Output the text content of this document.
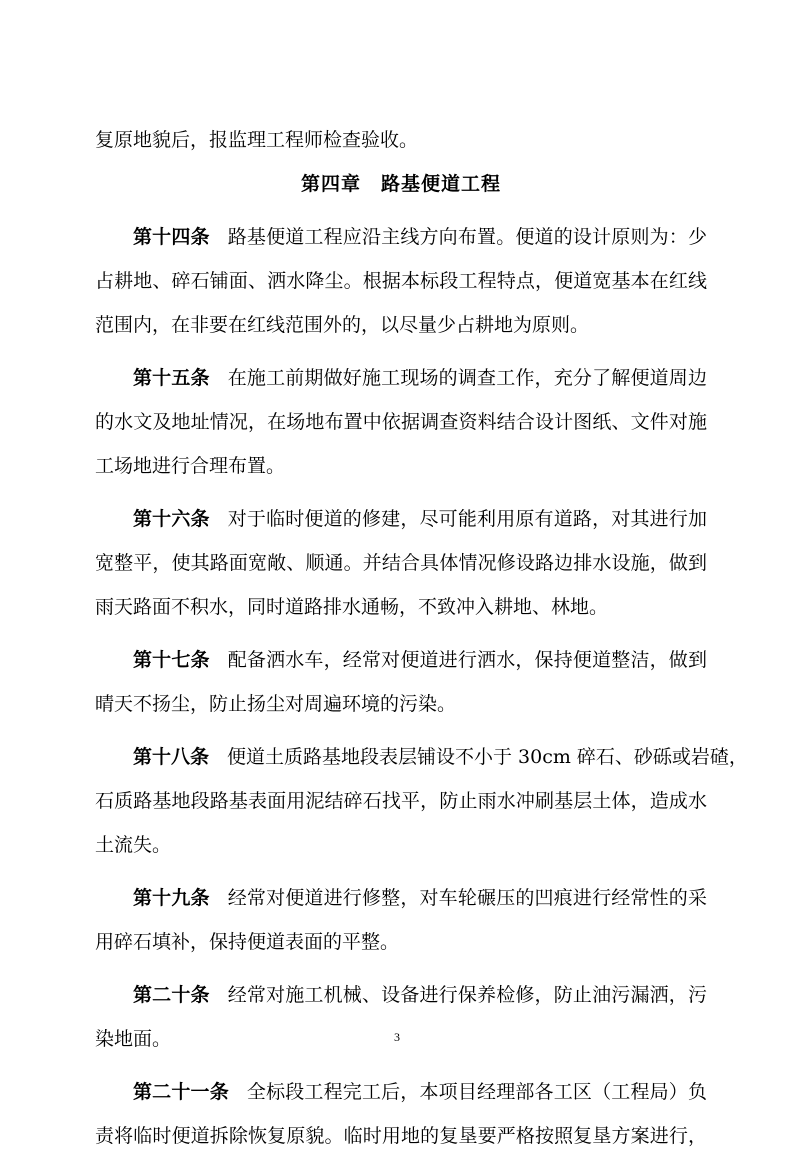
复原地貌后，报监理工程师检查验收。
第四章　路基便道工程
第十四条 路基便道工程应沿主线方向布置。便道的设计原则为：少
占耕地、碎石铺面、洒水降尘。根据本标段工程特点，便道宽基本在红线
范围内，在非要在红线范围外的，以尽量少占耕地为原则。
第十五条 在施工前期做好施工现场的调查工作，充分了解便道周边
的水文及地址情况，在场地布置中依据调查资料结合设计图纸、文件对施
工场地进行合理布置。
第十六条 对于临时便道的修建，尽可能利用原有道路，对其进行加
宽整平，使其路面宽敞、顺通。并结合具体情况修设路边排水设施，做到
雨天路面不积水，同时道路排水通畅，不致冲入耕地、林地。
第十七条 配备洒水车，经常对便道进行洒水，保持便道整洁，做到
晴天不扬尘，防止扬尘对周遍环境的污染。
第十八条 便道土质路基地段表层铺设不小于 30cm 碎石、砂砾或岩碴，
石质路基地段路基表面用泥结碎石找平，防止雨水冲刷基层土体，造成水
土流失。
第十九条 经常对便道进行修整，对车轮碾压的凹痕进行经常性的采
用碎石填补，保持便道表面的平整。
第二十条 经常对施工机械、设备进行保养检修，防止油污漏洒，污
染地面。
第二十一条 全标段工程完工后，本项目经理部各工区（工程局）负
责将临时便道拆除恢复原貌。临时用地的复垦要严格按照复垦方案进行，
3
